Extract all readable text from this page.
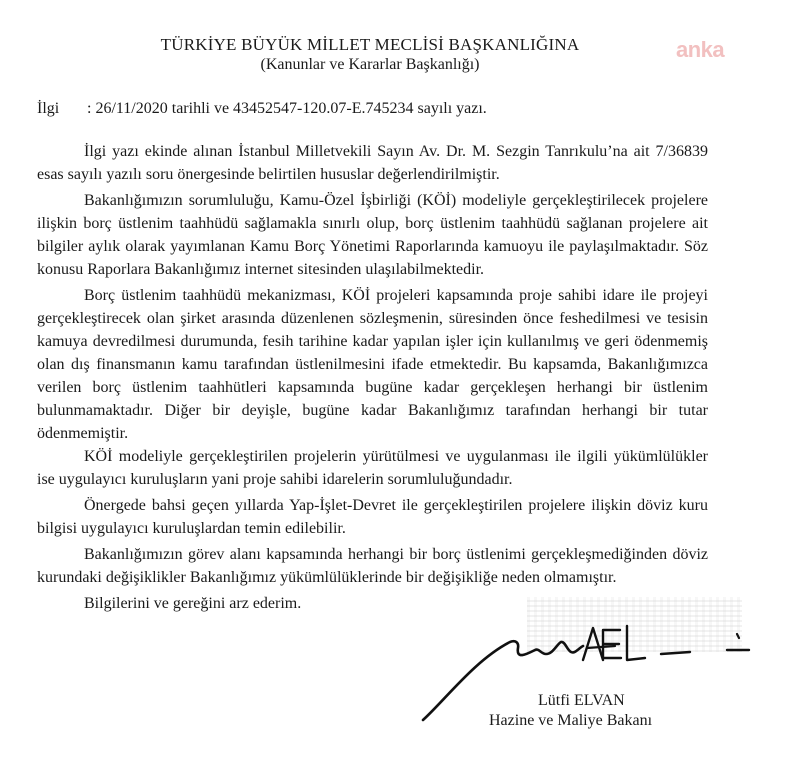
TÜRKİYE BÜYÜK MİLLET MECLİSİ BAŞKANLIĞINA
(Kanunlar ve Kararlar Başkanlığı)
anka
İlgi : 26/11/2020 tarihli ve 43452547-120.07-E.745234 sayılı yazı.

İlgi yazı ekinde alınan İstanbul Milletvekili Sayın Av. Dr. M. Sezgin Tanrıkulu’na ait 7/36839 esas sayılı yazılı soru önergesinde belirtilen hususlar değerlendirilmiştir.

Bakanlığımızın sorumluluğu, Kamu-Özel İşbirliği (KÖİ) modeliyle gerçekleştirilecek projelere ilişkin borç üstlenim taahhüdü sağlamakla sınırlı olup, borç üstlenim taahhüdü sağlanan projelere ait bilgiler aylık olarak yayımlanan Kamu Borç Yönetimi Raporlarında kamuoyu ile paylaşılmaktadır. Söz konusu Raporlara Bakanlığımız internet sitesinden ulaşılabilmektedir.

Borç üstlenim taahhüdü mekanizması, KÖİ projeleri kapsamında proje sahibi idare ile projeyi gerçekleştirecek olan şirket arasında düzenlenen sözleşmenin, süresinden önce feshedilmesi ve tesisin kamuya devredilmesi durumunda, fesih tarihine kadar yapılan işler için kullanılmış ve geri ödenmemiş olan dış finansmanın kamu tarafından üstlenilmesini ifade etmektedir. Bu kapsamda, Bakanlığımızca verilen borç üstlenim taahhütleri kapsamında bugüne kadar gerçekleşen herhangi bir üstlenim bulunmamaktadır. Diğer bir deyişle, bugüne kadar Bakanlığımız tarafından herhangi bir tutar ödenmemiştir.

KÖİ modeliyle gerçekleştirilen projelerin yürütülmesi ve uygulanması ile ilgili yükümlülükler ise uygulayıcı kuruluşların yani proje sahibi idarelerin sorumluluğundadır.

Önergede bahsi geçen yıllarda Yap-İşlet-Devret ile gerçekleştirilen projelere ilişkin döviz kuru bilgisi uygulayıcı kuruluşlardan temin edilebilir.

Bakanlığımızın görev alanı kapsamında herhangi bir borç üstlenimi gerçekleşmediğinden döviz kurundaki değişiklikler Bakanlığımız yükümlülüklerinde bir değişikliğe neden olmamıştır.

Bilgilerini ve gereğini arz ederim.

Lütfi ELVAN
Hazine ve Maliye Bakanı
